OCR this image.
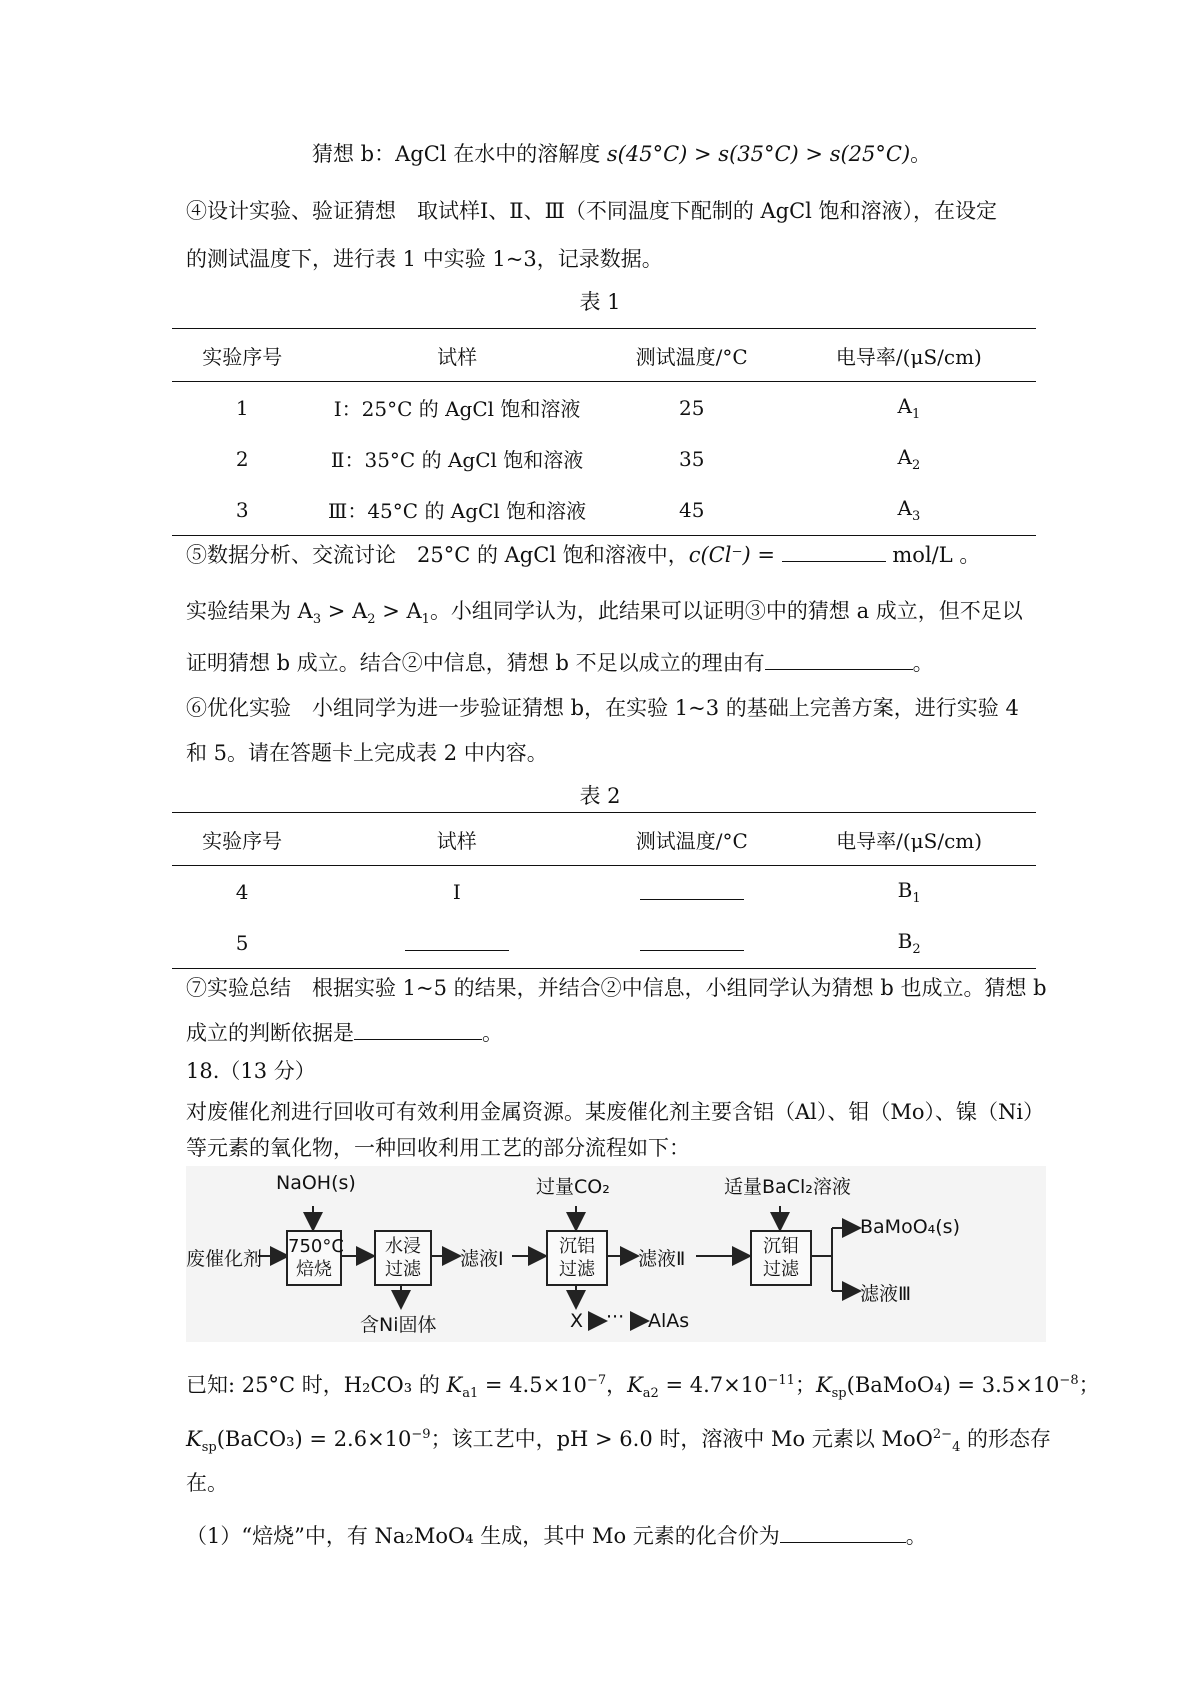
猜想 b：AgCl 在水中的溶解度 s(45°C) > s(35°C) > s(25°C)。
④设计实验、验证猜想　取试样Ⅰ、Ⅱ、Ⅲ（不同温度下配制的 AgCl 饱和溶液），在设定
的测试温度下，进行表 1 中实验 1~3，记录数据。
表 1
实验序号	试样	测试温度/°C	电导率/(μS/cm)
1	Ⅰ：25°C 的 AgCl 饱和溶液	25	$A_1$
2	Ⅱ：35°C 的 AgCl 饱和溶液	35	$A_2$
3	Ⅲ：45°C 的 AgCl 饱和溶液	45	$A_3$
⑤数据分析、交流讨论　25°C 的 AgCl 饱和溶液中，c(Cl⁻) =	mol/L 。
实验结果为 $A_3 > A_2 > A_1$。小组同学认为，此结果可以证明③中的猜想 a 成立，但不足以
证明猜想 b 成立。结合②中信息，猜想 b 不足以成立的理由有	。
⑥优化实验　小组同学为进一步验证猜想 b，在实验 1~3 的基础上完善方案，进行实验 4
和 5。请在答题卡上完成表 2 中内容。
表 2
实验序号	试样	测试温度/°C	电导率/(μS/cm)
4	Ⅰ		$B_1$
5			$B_2$
⑦实验总结　根据实验 1~5 的结果，并结合②中信息，小组同学认为猜想 b 也成立。猜想 b
成立的判断依据是	。
18.（13 分）
对废催化剂进行回收可有效利用金属资源。某废催化剂主要含铝（Al）、钼（Mo）、镍（Ni）
等元素的氧化物，一种回收利用工艺的部分流程如下：
NaOH(s)	过量CO₂	适量BaCl₂溶液
废催化剂
750°C
焙烧
水浸
过滤	滤液Ⅰ
沉铝
过滤	滤液Ⅱ
沉钼
过滤
BaMoO₄(s)
滤液Ⅲ
含Ni固体	X ··· AlAs
已知: 25°C 时，H₂CO₃ 的 $K_{a1} = 4.5\times 10^{-7}$，$K_{a2} = 4.7\times 10^{-11}$；$K_{sp}(BaMoO_4) = 3.5\times 10^{-8}$；
$K_{sp}(BaCO_3) = 2.6\times 10^{-9}$；该工艺中，pH > 6.0 时，溶液中 Mo 元素以 MoO$^{2-}_4$ 的形态存
在。
（1）“焙烧”中，有 Na₂MoO₄ 生成，其中 Mo 元素的化合价为	。
